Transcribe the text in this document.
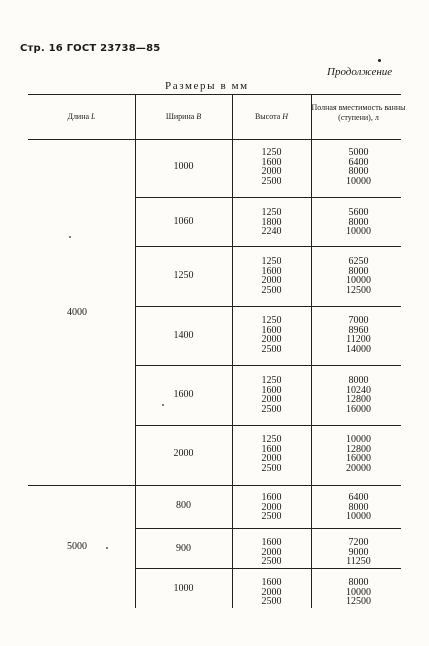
Стр. 16 ГОСТ 23738—85
Продолжение
Размеры в мм
Длина L	Ширина B	Высота H
Полная вместимость ванны (ступени), л
4000
5000
1000
1250
1600
2000
2500
5000
6400
8000
10000
1060
1250
1800
2240
5600
8000
10000
1250
1250
1600
2000
2500
6250
8000
10000
12500
1400
1250
1600
2000
2500
7000
8960
11200
14000
1600
1250
1600
2000
2500
8000
10240
12800
16000
2000
1250
1600
2000
2500
10000
12800
16000
20000
800
1600
2000
2500
6400
8000
10000
900
1600
2000
2500
7200
9000
11250
1000
1600
2000
2500
8000
10000
12500
